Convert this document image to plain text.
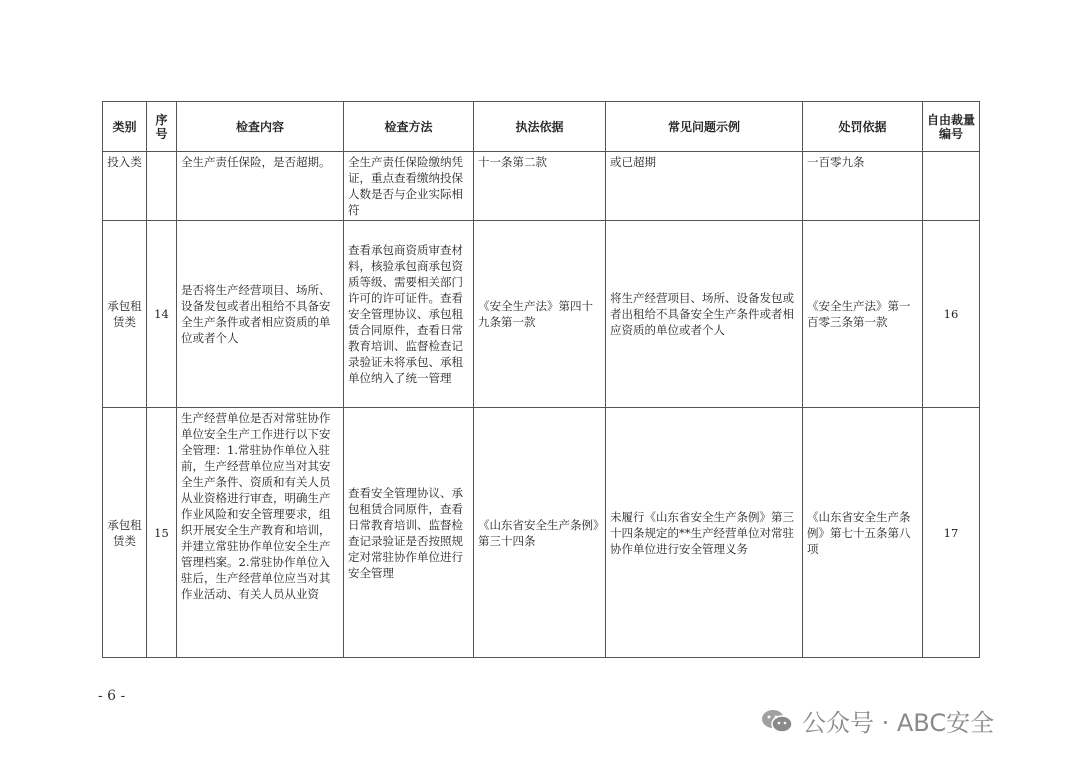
类别	序号	检查内容	检查方法	执法依据	常见问题示例	处罚依据	自由裁量编号
投入类		全生产责任保险，是否超期。	全生产责任保险缴纳凭证，重点查看缴纳投保人数是否与企业实际相符	十一条第二款	或已超期	一百零九条	
承包租赁类	14	是否将生产经营项目、场所、设备发包或者出租给不具备安全生产条件或者相应资质的单位或者个人	查看承包商资质审查材料，核验承包商承包资质等级、需要相关部门许可的许可证件。查看安全管理协议、承包租赁合同原件，查看日常教育培训、监督检查记录验证未将承包、承租单位纳入了统一管理	《安全生产法》第四十九条第一款	将生产经营项目、场所、设备发包或者出租给不具备安全生产条件或者相应资质的单位或者个人	《安全生产法》第一百零三条第一款	16
承包租赁类	15	生产经营单位是否对常驻协作单位安全生产工作进行以下安全管理：1.常驻协作单位入驻前，生产经营单位应当对其安全生产条件、资质和有关人员从业资格进行审查，明确生产作业风险和安全管理要求，组织开展安全生产教育和培训，并建立常驻协作单位安全生产管理档案。2.常驻协作单位入驻后，生产经营单位应当对其作业活动、有关人员从业资	查看安全管理协议、承包租赁合同原件，查看日常教育培训、监督检查记录验证是否按照规定对常驻协作单位进行安全管理	《山东省安全生产条例》第三十四条	未履行《山东省安全生产条例》第三十四条规定的**生产经营单位对常驻协作单位进行安全管理义务	《山东省安全生产条例》第七十五条第八项	17
- 6 -
公众号 · ABC安全
